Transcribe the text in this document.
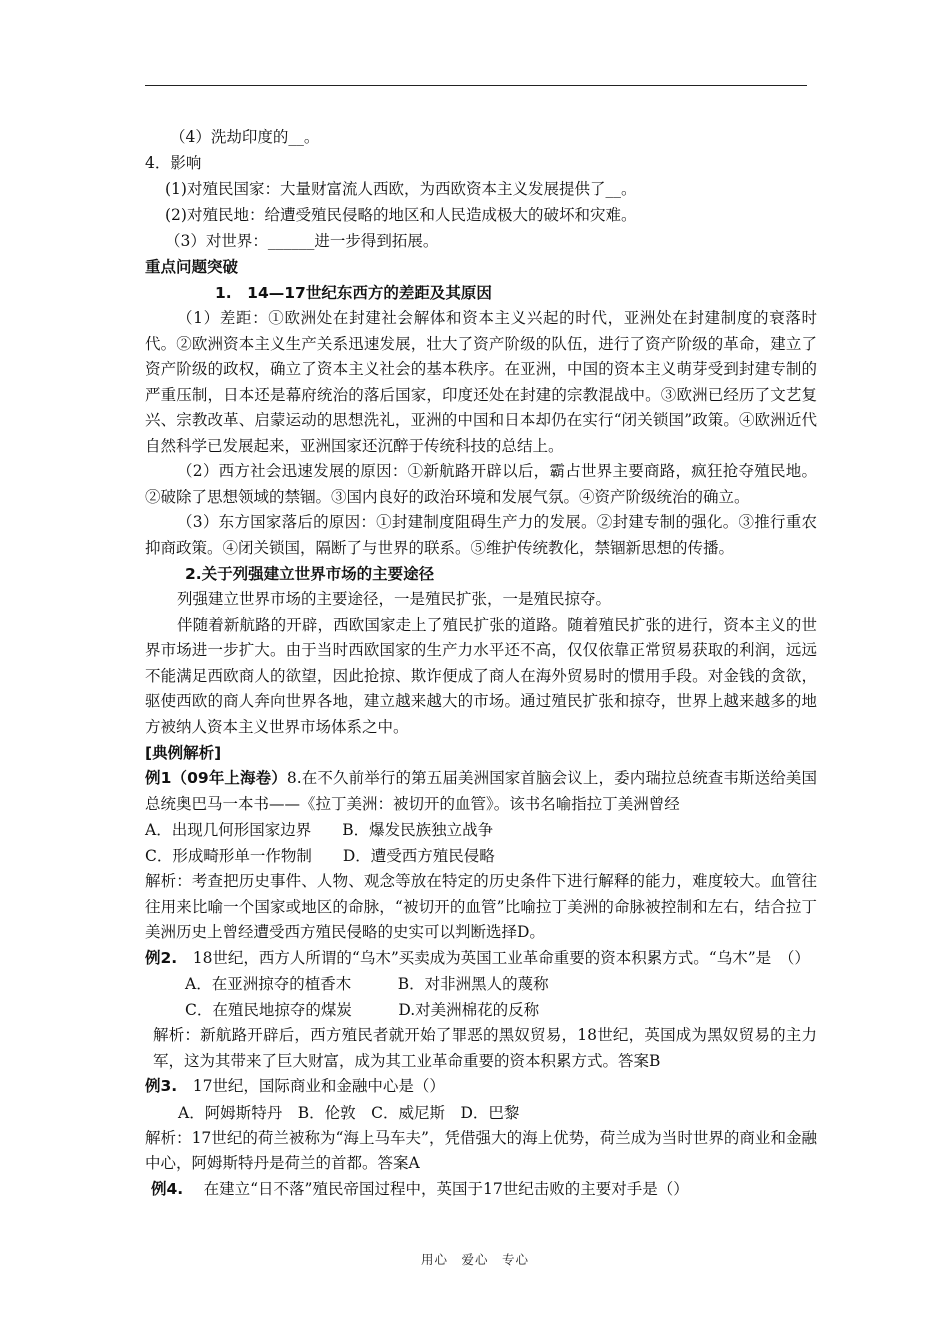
（4）洗劫印度的__。
4．影响
(1)对殖民国家：大量财富流人西欧，为西欧资本主义发展提供了__。
(2)对殖民地：给遭受殖民侵略的地区和人民造成极大的破坏和灾难。
（3）对世界：______进一步得到拓展。
重点问题突破
1.　14—17世纪东西方的差距及其原因

（1）差距：①欧洲处在封建社会解体和资本主义兴起的时代，亚洲处在封建制度的衰落时代。②欧洲资本主义生产关系迅速发展，壮大了资产阶级的队伍，进行了资产阶级的革命，建立了资产阶级的政权，确立了资本主义社会的基本秩序。在亚洲，中国的资本主义萌芽受到封建专制的严重压制，日本还是幕府统治的落后国家，印度还处在封建的宗教混战中。③欧洲已经历了文艺复兴、宗教改革、启蒙运动的思想洗礼，亚洲的中国和日本却仍在实行“闭关锁国”政策。④欧洲近代自然科学已发展起来，亚洲国家还沉醉于传统科技的总结上。

（2）西方社会迅速发展的原因：①新航路开辟以后，霸占世界主要商路，疯狂抢夺殖民地。②破除了思想领域的禁锢。③国内良好的政治环境和发展气氛。④资产阶级统治的确立。

（3）东方国家落后的原因：①封建制度阻碍生产力的发展。②封建专制的强化。③推行重农抑商政策。④闭关锁国，隔断了与世界的联系。⑤维护传统教化，禁锢新思想的传播。

2.关于列强建立世界市场的主要途径

列强建立世界市场的主要途径，一是殖民扩张，一是殖民掠夺。

伴随着新航路的开辟，西欧国家走上了殖民扩张的道路。随着殖民扩张的进行，资本主义的世界市场进一步扩大。由于当时西欧国家的生产力水平还不高，仅仅依靠正常贸易获取的利润，远远不能满足西欧商人的欲望，因此抢掠、欺诈便成了商人在海外贸易时的惯用手段。对金钱的贪欲，驱使西欧的商人奔向世界各地，建立越来越大的市场。通过殖民扩张和掠夺，世界上越来越多的地方被纳人资本主义世界市场体系之中。

[典例解析]

例1（09年上海卷）8.在不久前举行的第五届美洲国家首脑会议上，委内瑞拉总统查韦斯送给美国总统奥巴马一本书——《拉丁美洲：被切开的血管》。该书名喻指拉丁美洲曾经

A．出现几何形国家边界　　B．爆发民族独立战争
C．形成畸形单一作物制　　D．遭受西方殖民侵略

解析：考查把历史事件、人物、观念等放在特定的历史条件下进行解释的能力，难度较大。血管往往用来比喻一个国家或地区的命脉，“被切开的血管”比喻拉丁美洲的命脉被控制和左右，结合拉丁美洲历史上曾经遭受西方殖民侵略的史实可以判断选择D。

例2.　 18世纪，西方人所谓的“乌木”买卖成为英国工业革命重要的资本积累方式。“乌木”是　（）

A．在亚洲掠夺的植香木　　　B．对非洲黑人的蔑称
C．在殖民地掠夺的煤炭　　　D.对美洲棉花的反称

解析：新航路开辟后，西方殖民者就开始了罪恶的黑奴贸易，18世纪，英国成为黑奴贸易的主力军，这为其带来了巨大财富，成为其工业革命重要的资本积累方式。答案B

例3.　 17世纪，国际商业和金融中心是（）

A．阿姆斯特丹　B．伦敦　C．威尼斯　D．巴黎

解析：17世纪的荷兰被称为“海上马车夫”，凭借强大的海上优势，荷兰成为当时世界的商业和金融中心，阿姆斯特丹是荷兰的首都。答案A

例4.　 在建立“日不落”殖民帝国过程中，英国于17世纪击败的主要对手是（）

用心　爱心　专心
